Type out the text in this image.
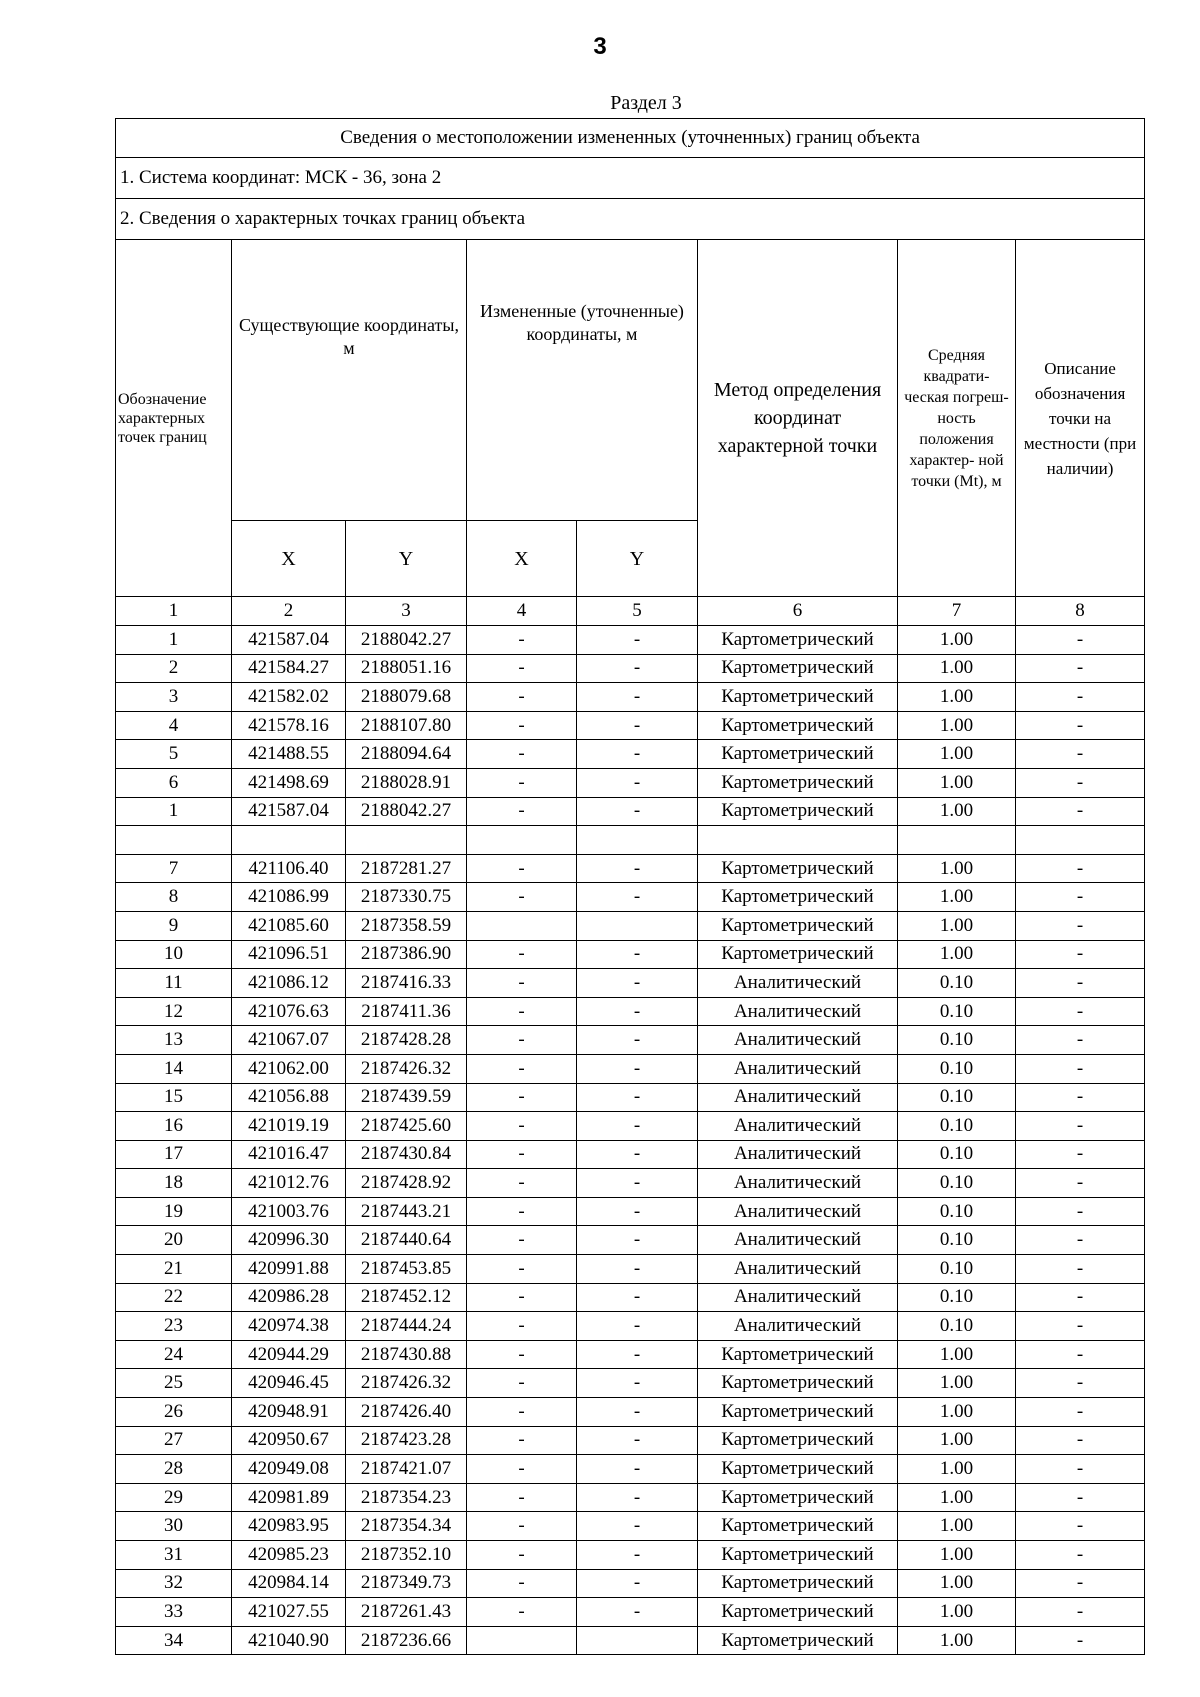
3
Раздел 3
Сведения о местоположении измененных (уточненных) границ объекта							
1. Система координат: МСК - 36, зона 2							
2. Сведения о характерных точках границ объекта							
Обозначение характерных точек границ	Существующие координаты, м		Измененные (уточненные) координаты, м		Метод определения координат характерной точки	Средняя квадрати- ческая погреш- ность положения характер- ной точки (Mt), м	Описание обозначения точки на местности (при наличии)
	X	Y	X	Y			
1	2	3	4	5	6	7	8
1	421587.04	2188042.27	-	-	Картометрический	1.00	-
2	421584.27	2188051.16	-	-	Картометрический	1.00	-
3	421582.02	2188079.68	-	-	Картометрический	1.00	-
4	421578.16	2188107.80	-	-	Картометрический	1.00	-
5	421488.55	2188094.64	-	-	Картометрический	1.00	-
6	421498.69	2188028.91	-	-	Картометрический	1.00	-
1	421587.04	2188042.27	-	-	Картометрический	1.00	-

7	421106.40	2187281.27	-	-	Картометрический	1.00	-
8	421086.99	2187330.75	-	-	Картометрический	1.00	-
9	421085.60	2187358.59			Картометрический	1.00	-
10	421096.51	2187386.90	-	-	Картометрический	1.00	-
11	421086.12	2187416.33	-	-	Аналитический	0.10	-
12	421076.63	2187411.36	-	-	Аналитический	0.10	-
13	421067.07	2187428.28	-	-	Аналитический	0.10	-
14	421062.00	2187426.32	-	-	Аналитический	0.10	-
15	421056.88	2187439.59	-	-	Аналитический	0.10	-
16	421019.19	2187425.60	-	-	Аналитический	0.10	-
17	421016.47	2187430.84	-	-	Аналитический	0.10	-
18	421012.76	2187428.92	-	-	Аналитический	0.10	-
19	421003.76	2187443.21	-	-	Аналитический	0.10	-
20	420996.30	2187440.64	-	-	Аналитический	0.10	-
21	420991.88	2187453.85	-	-	Аналитический	0.10	-
22	420986.28	2187452.12	-	-	Аналитический	0.10	-
23	420974.38	2187444.24	-	-	Аналитический	0.10	-
24	420944.29	2187430.88	-	-	Картометрический	1.00	-
25	420946.45	2187426.32	-	-	Картометрический	1.00	-
26	420948.91	2187426.40	-	-	Картометрический	1.00	-
27	420950.67	2187423.28	-	-	Картометрический	1.00	-
28	420949.08	2187421.07	-	-	Картометрический	1.00	-
29	420981.89	2187354.23	-	-	Картометрический	1.00	-
30	420983.95	2187354.34	-	-	Картометрический	1.00	-
31	420985.23	2187352.10	-	-	Картометрический	1.00	-
32	420984.14	2187349.73	-	-	Картометрический	1.00	-
33	421027.55	2187261.43	-	-	Картометрический	1.00	-
34	421040.90	2187236.66			Картометрический	1.00	-
